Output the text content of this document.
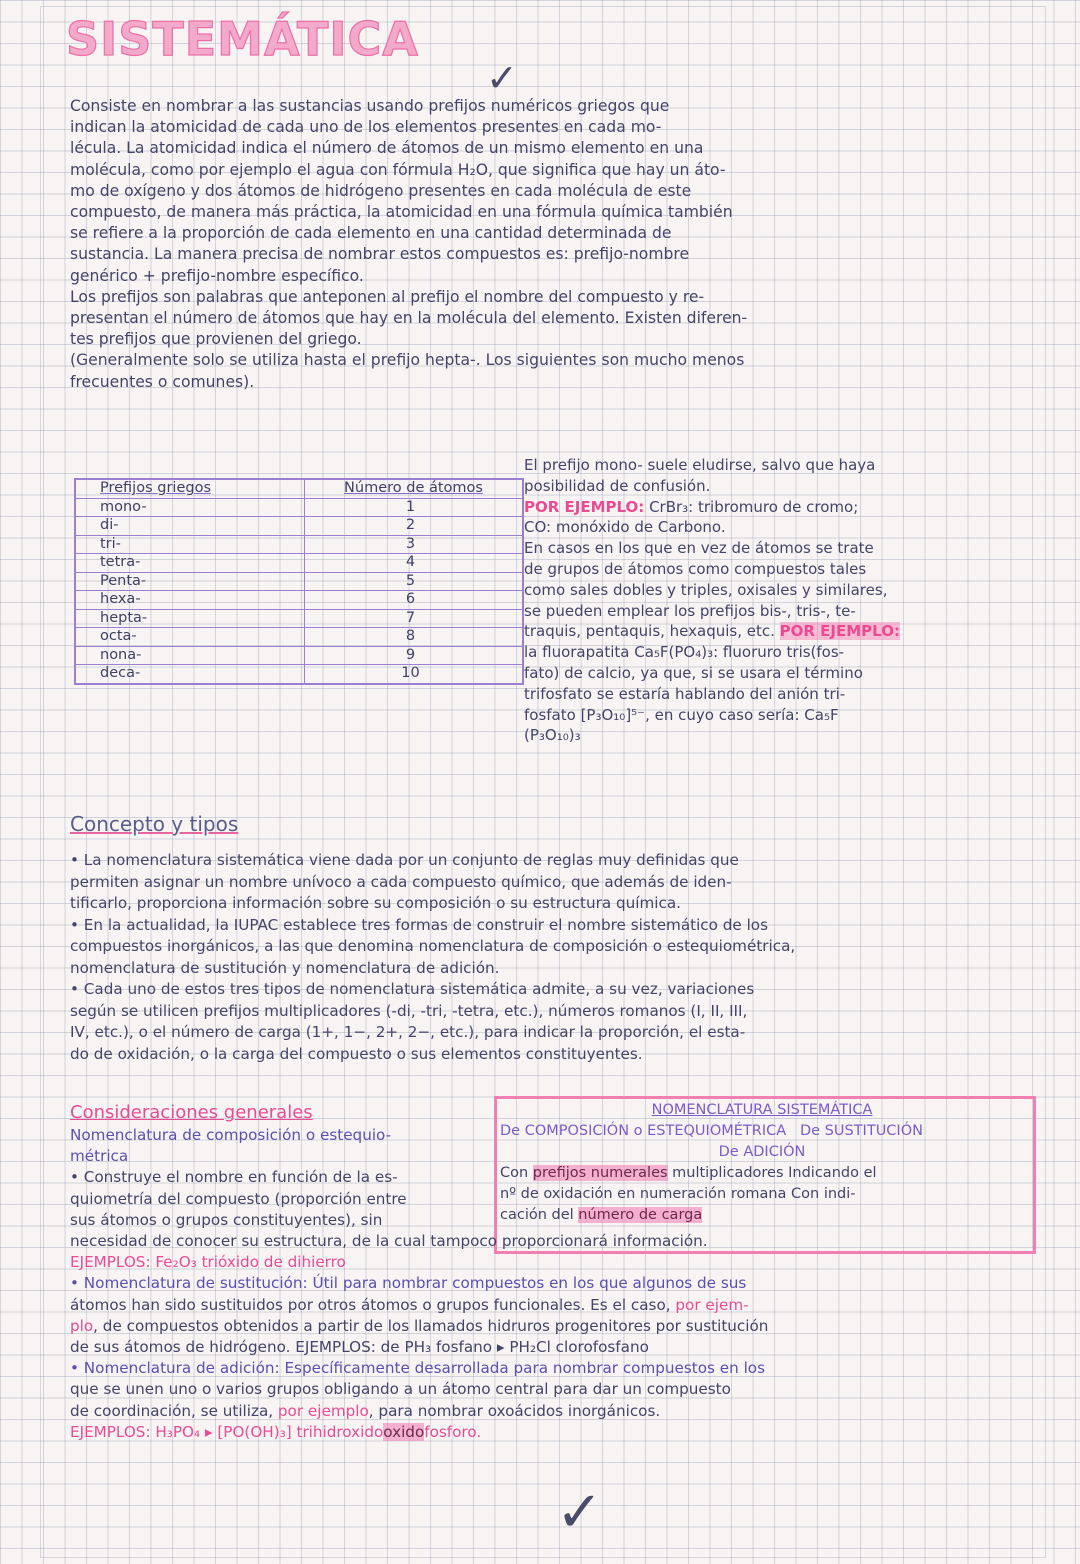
SISTEMÁTICA
✓

Consiste en nombrar a las sustancias usando prefijos numéricos griegos que

indican la atomicidad de cada uno de los elementos presentes en cada mo-

lécula. La atomicidad indica el número de átomos de un mismo elemento en una

molécula, como por ejemplo el agua con fórmula H₂O, que significa que hay un áto-

mo de oxígeno y dos átomos de hidrógeno presentes en cada molécula de este

compuesto, de manera más práctica, la atomicidad en una fórmula química también

se refiere a la proporción de cada elemento en una cantidad determinada de

sustancia. La manera precisa de nombrar estos compuestos es: prefijo-nombre

genérico + prefijo-nombre específico.

Los prefijos son palabras que anteponen al prefijo el nombre del compuesto y re-

presentan el número de átomos que hay en la molécula del elemento. Existen diferen-

tes prefijos que provienen del griego.

(Generalmente solo se utiliza hasta el prefijo hepta-. Los siguientes son mucho menos

frecuentes o comunes).

Prefijos griegos	Número de átomos
mono-	1
di-	2
tri-	3
tetra-	4
Penta-	5
hexa-	6
hepta-	7
octa-	8
nona-	9
deca-	10

El prefijo mono- suele eludirse, salvo que haya

posibilidad de confusión.

POR EJEMPLO: CrBr₃: tribromuro de cromo;

CO: monóxido de Carbono.

En casos en los que en vez de átomos se trate

de grupos de átomos como compuestos tales

como sales dobles y triples, oxisales y similares,

se pueden emplear los prefijos bis-, tris-, te-

traquis, pentaquis, hexaquis, etc. POR EJEMPLO:

la fluorapatita Ca₅F(PO₄)₃: fluoruro tris(fos-

fato) de calcio, ya que, si se usara el término

trifosfato se estaría hablando del anión tri-

fosfato [P₃O₁₀]⁵⁻, en cuyo caso sería: Ca₅F

(P₃O₁₀)₃

Concepto y tipos

• La nomenclatura sistemática viene dada por un conjunto de reglas muy definidas que

permiten asignar un nombre unívoco a cada compuesto químico, que además de iden-

tificarlo, proporciona información sobre su composición o su estructura química.

• En la actualidad, la IUPAC establece tres formas de construir el nombre sistemático de los

compuestos inorgánicos, a las que denomina nomenclatura de composición o estequiométrica,

nomenclatura de sustitución y nomenclatura de adición.

• Cada uno de estos tres tipos de nomenclatura sistemática admite, a su vez, variaciones

según se utilicen prefijos multiplicadores (-di, -tri, -tetra, etc.), números romanos (I, II, III,

IV, etc.), o el número de carga (1+, 1−, 2+, 2−, etc.), para indicar la proporción, el esta-

do de oxidación, o la carga del compuesto o sus elementos constituyentes.

Consideraciones generales	NOMENCLATURA SISTEMÁTICA

De COMPOSICIÓN o ESTEQUIOMÉTRICA De SUSTITUCIÓN

De ADICIÓN

Con prefijos numerales multiplicadores Indicando el

nº de oxidación en numeración romana Con indi-

cación del número de carga

Nomenclatura de composición o estequio-

métrica

• Construye el nombre en función de la es-

quiometría del compuesto (proporción entre

sus átomos o grupos constituyentes), sin

necesidad de conocer su estructura, de la cual tampoco proporcionará información.

EJEMPLOS: Fe₂O₃ trióxido de dihierro

• Nomenclatura de sustitución: Útil para nombrar compuestos en los que algunos de sus

átomos han sido sustituidos por otros átomos o grupos funcionales. Es el caso, por ejem-

plo, de compuestos obtenidos a partir de los llamados hidruros progenitores por sustitución

de sus átomos de hidrógeno. EJEMPLOS: de PH₃ fosfano ▸ PH₂Cl clorofosfano

• Nomenclatura de adición: Específicamente desarrollada para nombrar compuestos en los

que se unen uno o varios grupos obligando a un átomo central para dar un compuesto

de coordinación, se utiliza, por ejemplo, para nombrar oxoácidos inorgánicos.

EJEMPLOS: H₃PO₄ ▸ [PO(OH)₃] trihidroxidooxidofosforo.

✓
